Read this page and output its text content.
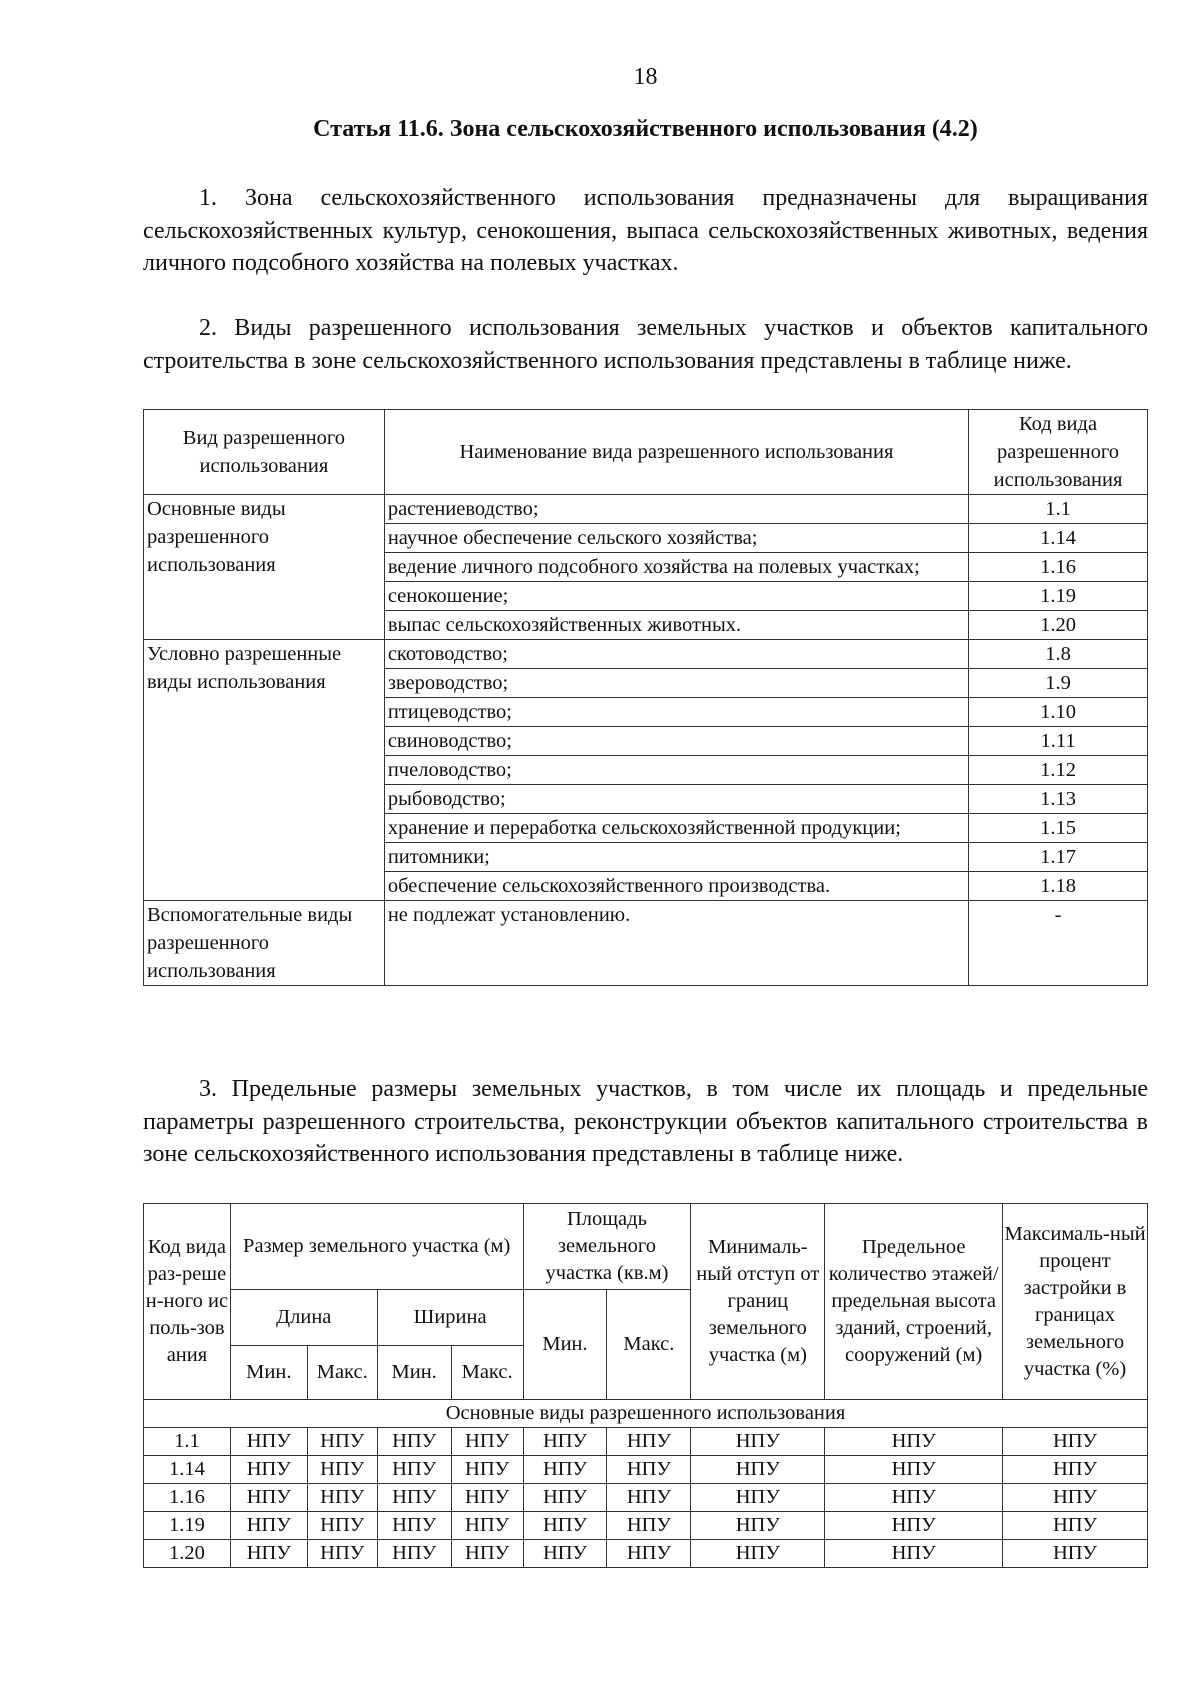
18
Статья 11.6. Зона сельскохозяйственного использования (4.2)

1. Зона сельскохозяйственного использования предназначены для выращивания сельскохозяйственных культур, сенокошения, выпаса сельскохозяйственных животных, ведения личного подсобного хозяйства на полевых участках.

2. Виды разрешенного использования земельных участков и объектов капитального строительства в зоне сельскохозяйственного использования представлены в таблице ниже.

Вид разрешенного использования	Наименование вида разрешенного использования	Код вида разрешенного использования
Основные виды разрешенного использования	растениеводство;	1.1
	научное обеспечение сельского хозяйства;	1.14
	ведение личного подсобного хозяйства на полевых участках;	1.16
	сенокошение;	1.19
	выпас сельскохозяйственных животных.	1.20
Условно разрешенные виды использования	скотоводство;	1.8
	звероводство;	1.9
	птицеводство;	1.10
	свиноводство;	1.11
	пчеловодство;	1.12
	рыбоводство;	1.13
	хранение и переработка сельскохозяйственной продукции;	1.15
	питомники;	1.17
	обеспечение сельскохозяйственного производства.	1.18
Вспомогательные виды разрешенного использования	не подлежат установлению.	-

3. Предельные размеры земельных участков, в том числе их площадь и предельные параметры разрешенного строительства, реконструкции объектов капитального строительства в зоне сельскохозяйственного использования представлены в таблице ниже.

Код вида раз-решен-ного исполь-зования	Размер земельного участка (м)				Площадь земельного участка (кв.м)		Минималь-ный отступ от границ земельного участка (м)	Предельное количество этажей/ предельная высота зданий, строений, сооружений (м)	Максималь-ный процент застройки в границах земельного участка (%)
	Длина		Ширина		Мин.	Макс.			
	Мин.	Макс.	Мин.	Макс.					
Основные виды разрешенного использования									
1.1	НПУ	НПУ	НПУ	НПУ	НПУ	НПУ	НПУ	НПУ	НПУ
1.14	НПУ	НПУ	НПУ	НПУ	НПУ	НПУ	НПУ	НПУ	НПУ
1.16	НПУ	НПУ	НПУ	НПУ	НПУ	НПУ	НПУ	НПУ	НПУ
1.19	НПУ	НПУ	НПУ	НПУ	НПУ	НПУ	НПУ	НПУ	НПУ
1.20	НПУ	НПУ	НПУ	НПУ	НПУ	НПУ	НПУ	НПУ	НПУ
